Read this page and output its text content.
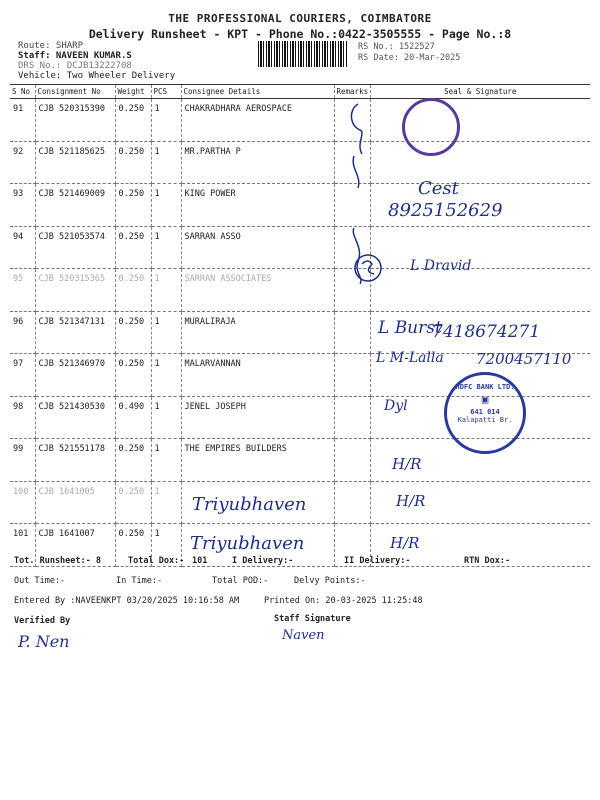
THE PROFESSIONAL COURIERS, COIMBATORE
Delivery Runsheet - KPT - Phone No.:0422-3505555 - Page No.:8
Route: SHARP
Staff: NAVEEN KUMAR.S
DRS No.: DCJB13222708
Vehicle: Two Wheeler Delivery
RS No.: 1522527
RS Date: 20-Mar-2025
S No	Consignment No	Weight	PCS	Consignee Details	Remarks	Seal & Signature
91	CJB 520315390	0.250	1	CHAKRADHARA AEROSPACE		
92	CJB 521185625	0.250	1	MR.PARTHA P		
93	CJB 521469009	0.250	1	KING POWER		
94	CJB 521053574	0.250	1	SARRAN ASSO		
95	CJB 520315365	0.250	1	SARRAN ASSOCIATES		
96	CJB 521347131	0.250	1	MURALIRAJA		
97	CJB 521346970	0.250	1	MALARVANNAN		
98	CJB 521430530	0.490	1	JENEL JOSEPH		
99	CJB 521551178	0.250	1	THE EMPIRES BUILDERS		
100	CJB 1641005	0.250	1			
101	CJB 1641007	0.250	1			
Cest
8925152629
L Dravid
L Burst
7418674271
L M-Lalla 7200457110
Dyl
HDFC BANK LTD.
▣
641 014
Kalapatti Br.
H/R
Triyubhaven	H/R
Triyubhaven	H/R
Tot. Runsheet:- 8	Total Dox:- 101	I Delivery:-	II Delivery:-	RTN Dox:-
Out Time:-	In Time:-	Total POD:-	Delvy Points:-
Entered By :NAVEENKPT 03/20/2025 10:16:58 AM	Printed On: 20-03-2025 11:25:48
Verified By	Staff Signature
P. Nen	Naven
